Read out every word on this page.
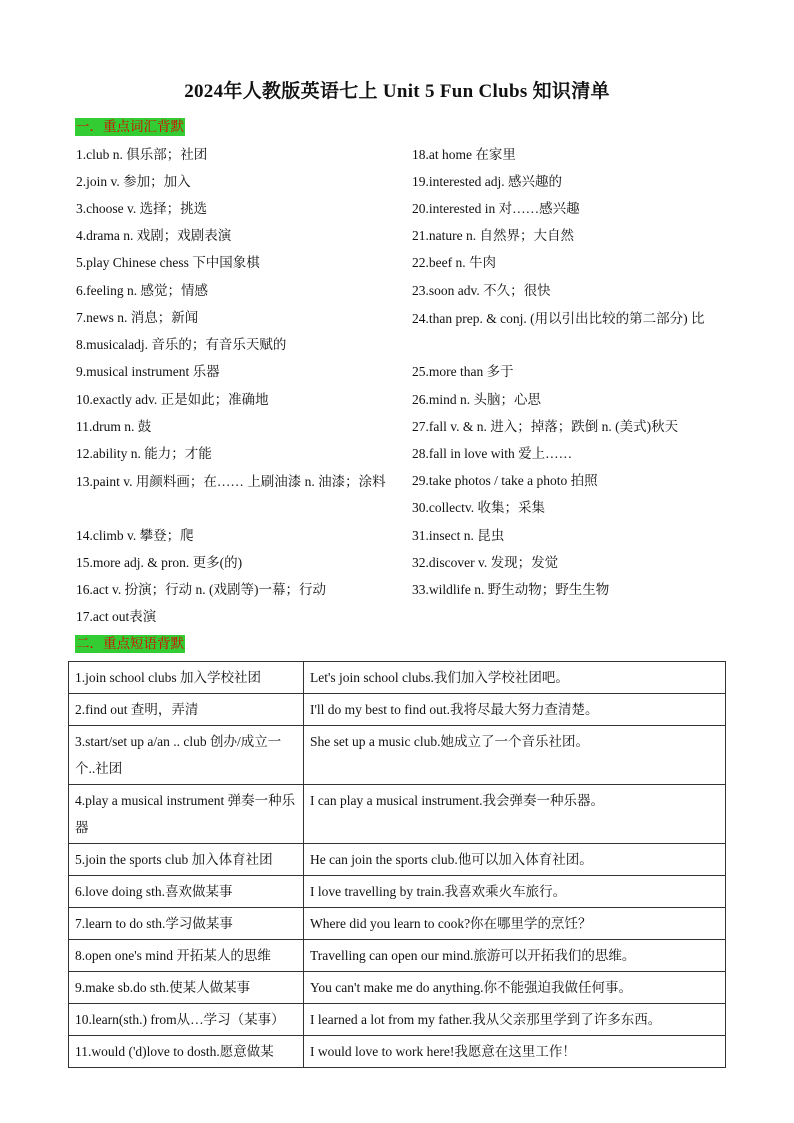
2024年人教版英语七上 Unit 5 Fun Clubs 知识清单
一．重点词汇背默
1.club n. 俱乐部；社团
2.join v. 参加；加入
3.choose v. 选择；挑选
4.drama n. 戏剧；戏剧表演
5.play Chinese chess 下中国象棋
6.feeling n. 感觉；情感
7.news n. 消息；新闻
8.musicaladj. 音乐的；有音乐天赋的
9.musical instrument 乐器
10.exactly adv. 正是如此；准确地
11.drum n. 鼓
12.ability n. 能力；才能
13.paint v. 用颜料画；在…… 上刷油漆 n. 油漆；涂料
14.climb v. 攀登；爬
15.more adj. & pron. 更多(的)
16.act v. 扮演；行动 n. (戏剧等)一幕；行动
17.act out表演
18.at home 在家里
19.interested adj. 感兴趣的
20.interested in 对……感兴趣
21.nature n. 自然界；大自然
22.beef n. 牛肉
23.soon adv. 不久；很快
24.than prep. & conj. (用以引出比较的第二部分) 比
25.more than 多于
26.mind n. 头脑；心思
27.fall v. & n. 进入；掉落；跌倒 n. (美式)秋天
28.fall in love with 爱上……
29.take photos / take a photo 拍照
30.collectv. 收集；采集
31.insect n. 昆虫
32.discover v. 发现；发觉
33.wildlife n. 野生动物；野生生物
二．重点短语背默
1.join school clubs 加入学校社团	Let's join school clubs.我们加入学校社团吧。
2.find out 查明，弄清	I'll do my best to find out.我将尽最大努力查清楚。
3.start/set up a/an .. club 创办/成立一个..社团	She set up a music club.她成立了一个音乐社团。
4.play a musical instrument 弹奏一种乐器	I can play a musical instrument.我会弹奏一种乐器。
5.join the sports club 加入体育社团	He can join the sports club.他可以加入体育社团。
6.love doing sth.喜欢做某事	I love travelling by train.我喜欢乘火车旅行。
7.learn to do sth.学习做某事	Where did you learn to cook?你在哪里学的烹饪？
8.open one's mind 开拓某人的思维	Travelling can open our mind.旅游可以开拓我们的思维。
9.make sb.do sth.使某人做某事	You can't make me do anything.你不能强迫我做任何事。
10.learn(sth.) from从…学习（某事）	I learned a lot from my father.我从父亲那里学到了许多东西。
11.would ('d)love to dosth.愿意做某	I would love to work here!我愿意在这里工作！
